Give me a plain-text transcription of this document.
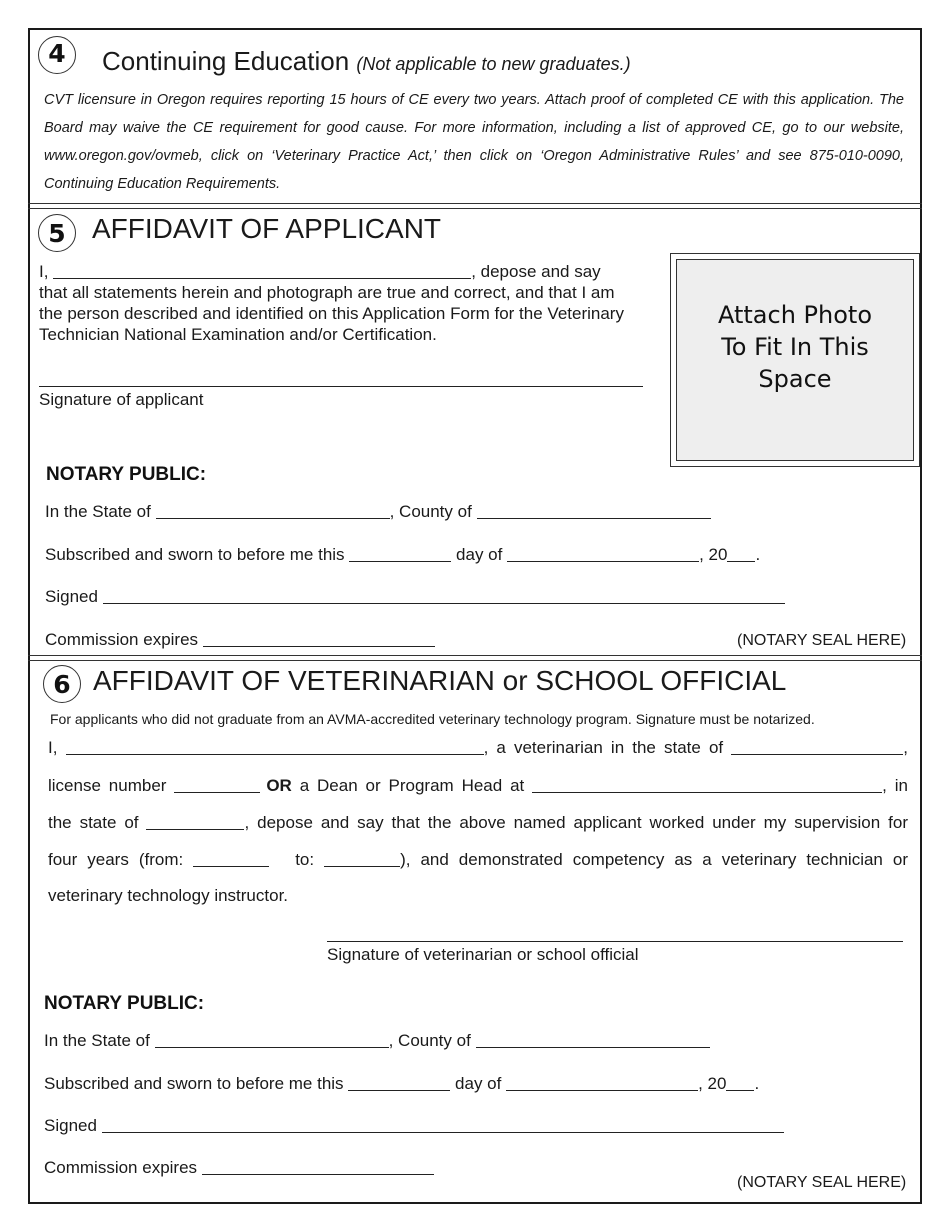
4	Continuing Education (Not applicable to new graduates.)
CVT licensure in Oregon requires reporting 15 hours of CE every two years. Attach proof of completed CE with this application. The Board may waive the CE requirement for good cause. For more information, including a list of approved CE, go to our website, www.oregon.gov/ovmeb, click on ‘Veterinary Practice Act,’ then click on ‘Oregon Administrative Rules’ and see 875-010-0090, Continuing Education Requirements.
5 AFFIDAVIT OF APPLICANT
I,	, depose and say
that all statements herein and photograph are true and correct, and that I am the person described and identified on this Application Form for the Veterinary Technician National Examination and/or Certification.
Signature of applicant
Attach Photo To Fit In This Space
NOTARY PUBLIC:
In the State of	, County of
Subscribed and sworn to before me this	day of	, 20 .
Signed
Commission expires	(NOTARY SEAL HERE)
6 AFFIDAVIT OF VETERINARIAN or SCHOOL OFFICIAL
For applicants who did not graduate from an AVMA-accredited veterinary technology program. Signature must be notarized.
I,	, a veterinarian in the state of	,
license number	OR a Dean or Program Head at	, in
the state of	, depose and say that the above named applicant worked under my supervision for
four years (from:	to:	), and demonstrated competency as a veterinary technician or
veterinary technology instructor.
Signature of veterinarian or school official
NOTARY PUBLIC:
In the State of	, County of
Subscribed and sworn to before me this	day of	, 20 .
Signed
Commission expires
(NOTARY SEAL HERE)
